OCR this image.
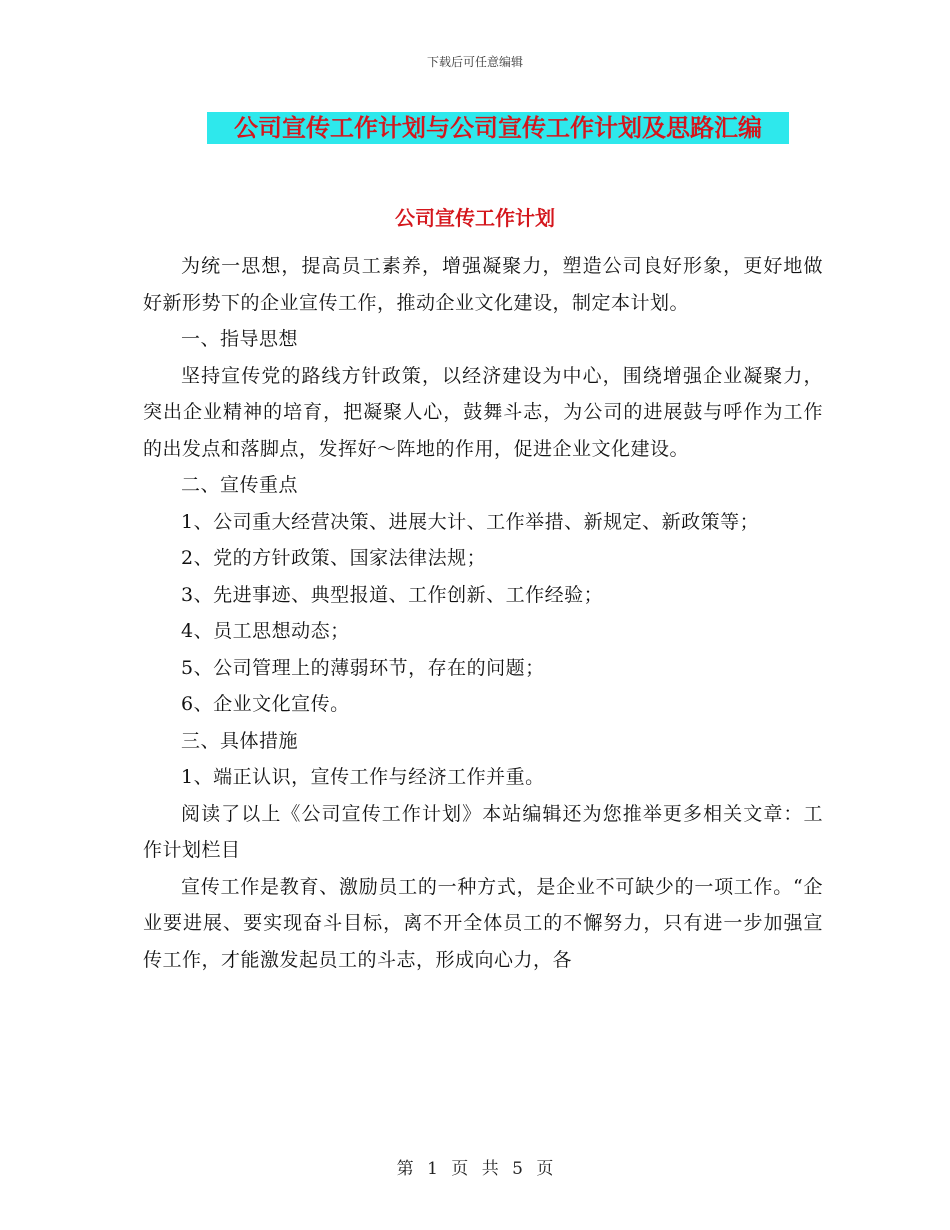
下载后可任意编辑
公司宣传工作计划与公司宣传工作计划及思路汇编
公司宣传工作计划

为统一思想，提高员工素养，增强凝聚力，塑造公司良好形象，更好地做好新形势下的企业宣传工作，推动企业文化建设，制定本计划。

一、指导思想

坚持宣传党的路线方针政策，以经济建设为中心，围绕增强企业凝聚力，突出企业精神的培育，把凝聚人心，鼓舞斗志，为公司的进展鼓与呼作为工作的出发点和落脚点，发挥好～阵地的作用，促进企业文化建设。

二、宣传重点

1、公司重大经营决策、进展大计、工作举措、新规定、新政策等；

2、党的方针政策、国家法律法规；

3、先进事迹、典型报道、工作创新、工作经验；

4、员工思想动态；

5、公司管理上的薄弱环节，存在的问题；

6、企业文化宣传。

三、具体措施

1、端正认识，宣传工作与经济工作并重。

阅读了以上《公司宣传工作计划》本站编辑还为您推举更多相关文章：工作计划栏目

宣传工作是教育、激励员工的一种方式，是企业不可缺少的一项工作。“企业要进展、要实现奋斗目标，离不开全体员工的不懈努力，只有进一步加强宣传工作，才能激发起员工的斗志，形成向心力，各

第 1 页 共 5 页
